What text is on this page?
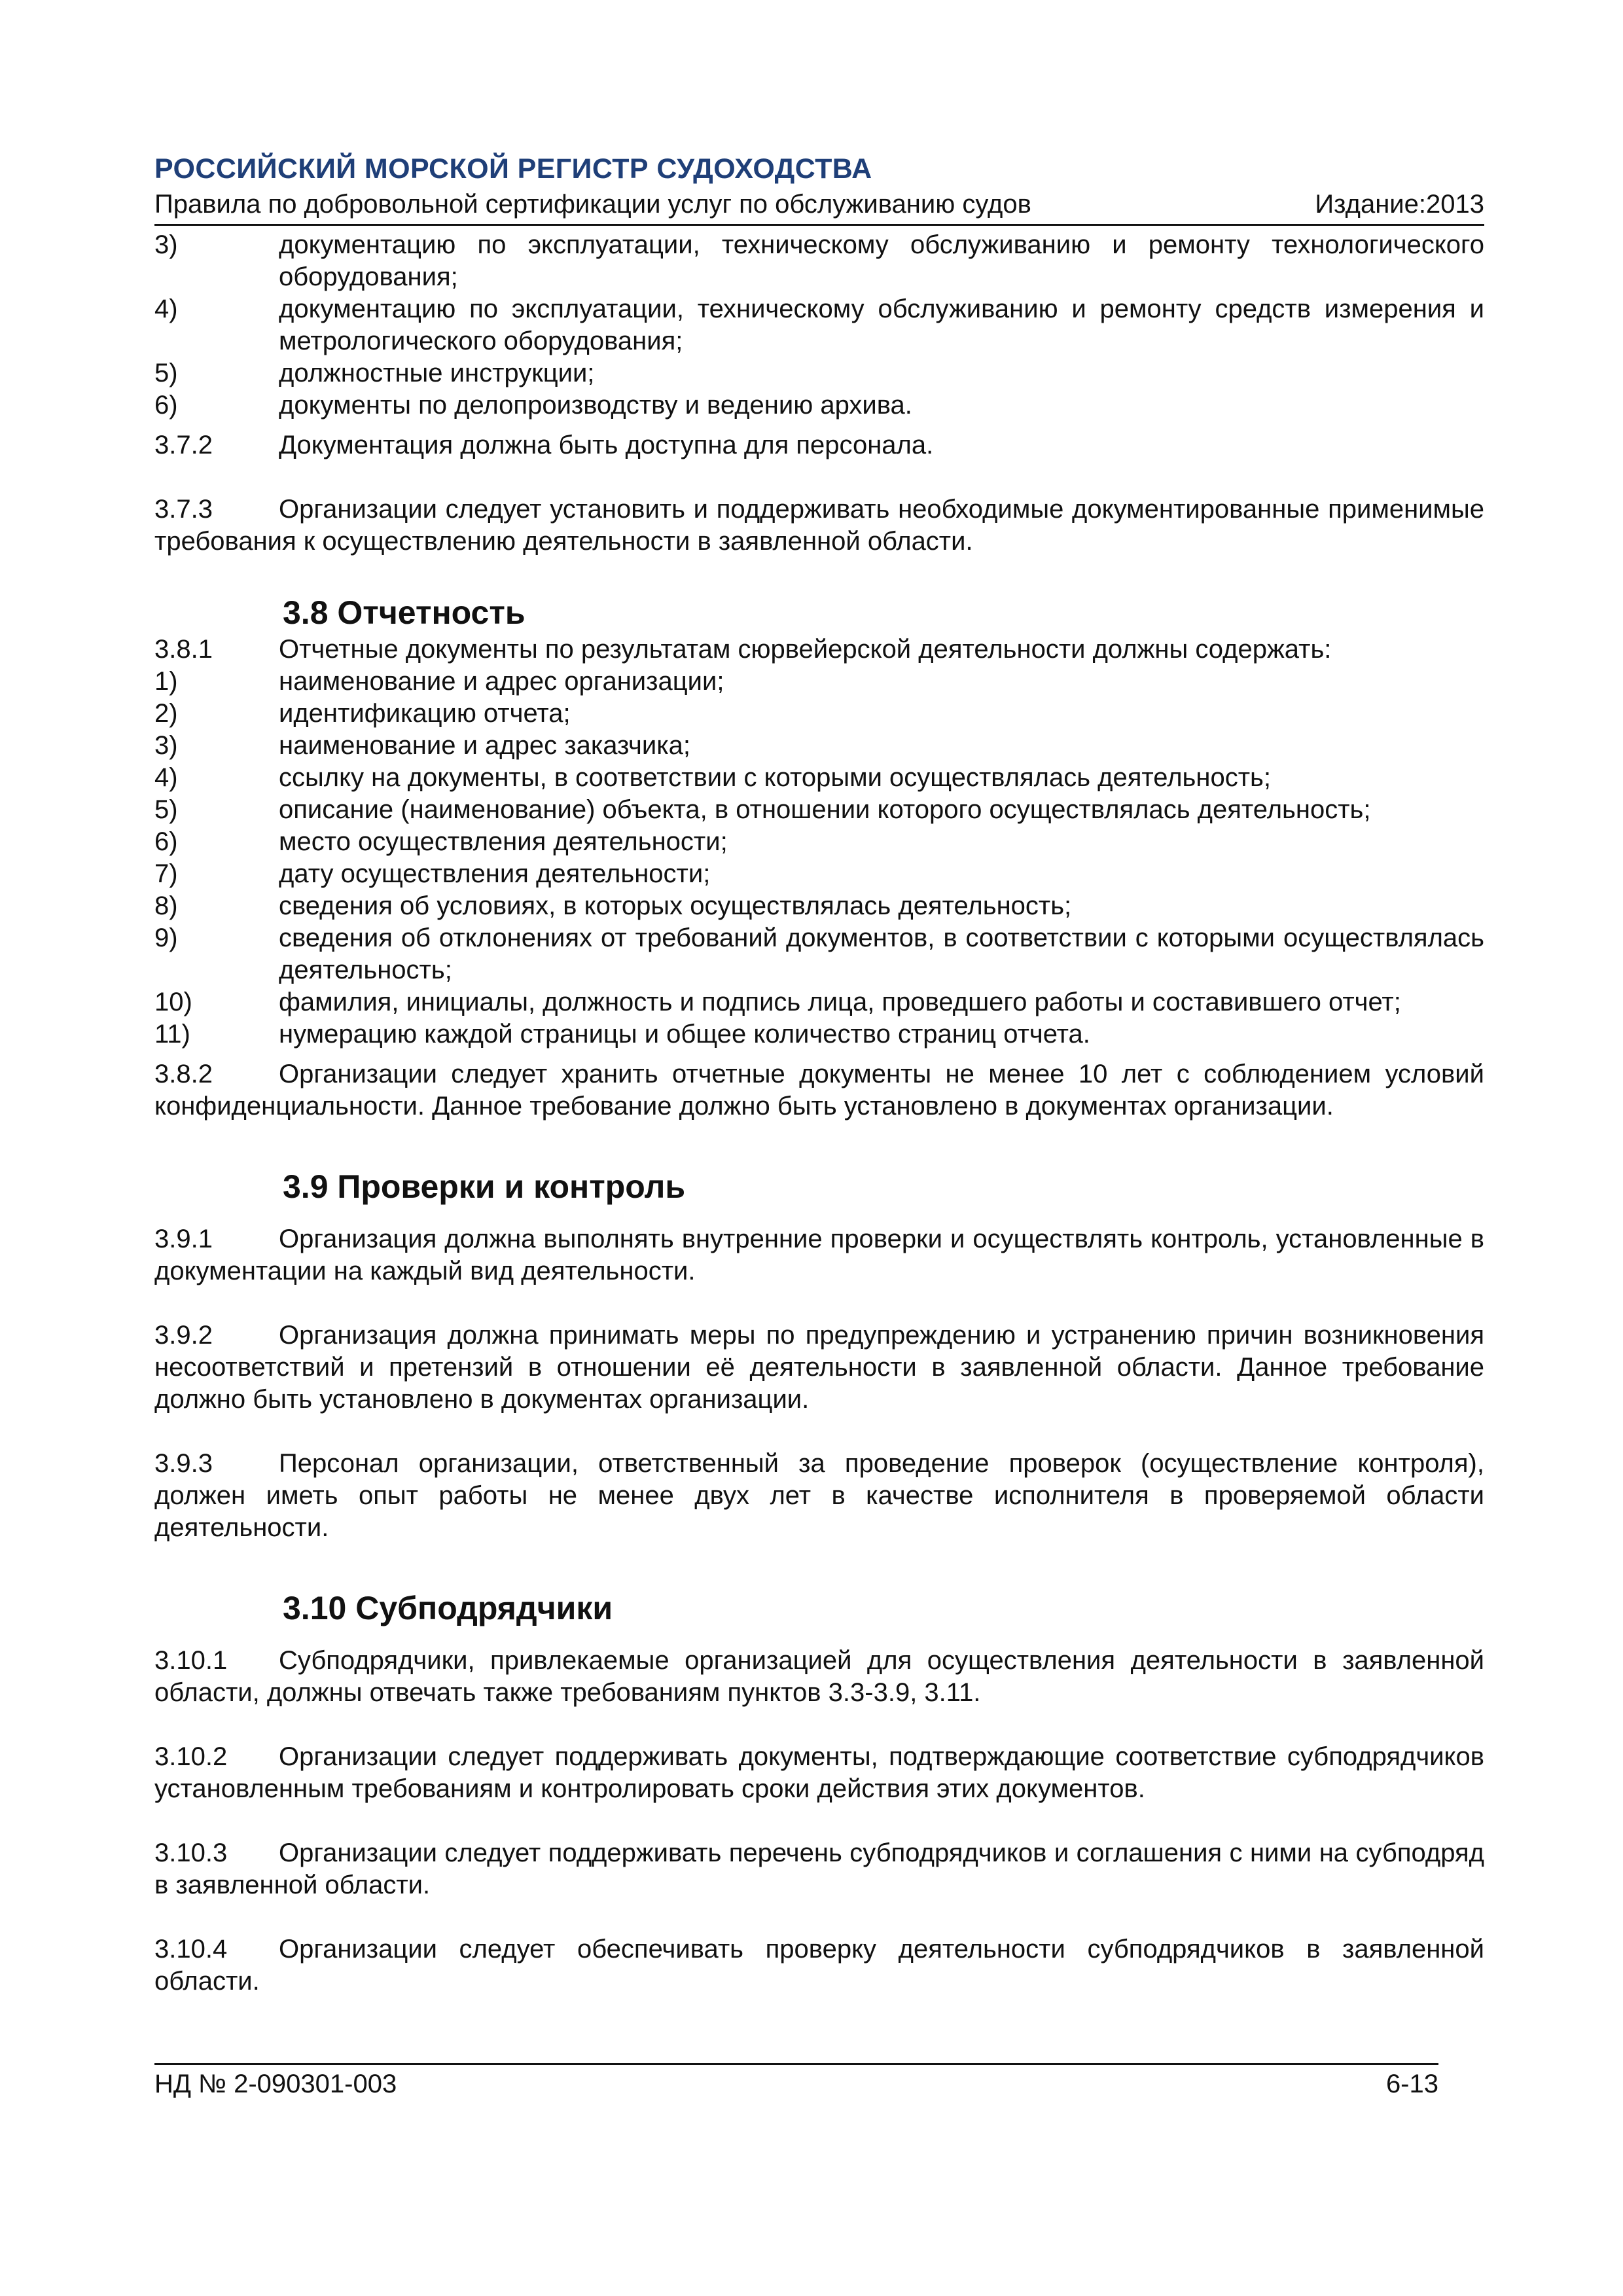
РОССИЙСКИЙ МОРСКОЙ РЕГИСТР СУДОХОДСТВА
Правила по добровольной сертификации услуг по обслуживанию судов	Издание:2013
3)	документацию по эксплуатации, техническому обслуживанию и ремонту технологического оборудования;
4)	документацию по эксплуатации, техническому обслуживанию и ремонту средств измерения и метрологического оборудования;
5)	должностные инструкции;
6)	документы по делопроизводству и ведению архива.
3.7.2	Документация должна быть доступна для персонала.
3.7.3	Организации следует установить и поддерживать необходимые документированные применимые требования к осуществлению деятельности в заявленной области.
3.8 Отчетность
3.8.1	Отчетные документы по результатам сюрвейерской деятельности должны содержать:
1)	наименование и адрес организации;
2)	идентификацию отчета;
3)	наименование и адрес заказчика;
4)	ссылку на документы, в соответствии с которыми осуществлялась деятельность;
5)	описание (наименование) объекта, в отношении которого осуществлялась деятельность;
6)	место осуществления деятельности;
7)	дату осуществления деятельности;
8)	сведения об условиях, в которых осуществлялась деятельность;
9)	сведения об отклонениях от требований документов, в соответствии с которыми осуществлялась деятельность;
10)	фамилия, инициалы, должность и подпись лица, проведшего работы и составившего отчет;
11)	нумерацию каждой страницы и общее количество страниц отчета.
3.8.2	Организации следует хранить отчетные документы не менее 10 лет с соблюдением условий конфиденциальности. Данное требование должно быть установлено в документах организации.
3.9 Проверки и контроль
3.9.1	Организация должна выполнять внутренние проверки и осуществлять контроль, установленные в документации на каждый вид деятельности.
3.9.2	Организация должна принимать меры по предупреждению и устранению причин возникновения несоответствий и претензий в отношении её деятельности в заявленной области. Данное требование должно быть установлено в документах организации.
3.9.3	Персонал организации, ответственный за проведение проверок (осуществление контроля), должен иметь опыт работы не менее двух лет в качестве исполнителя в проверяемой области деятельности.
3.10 Субподрядчики
3.10.1 Субподрядчики, привлекаемые организацией для осуществления деятельности в заявленной области, должны отвечать также требованиям пунктов 3.3-3.9, 3.11.
3.10.2 Организации следует поддерживать документы, подтверждающие соответствие субподрядчиков установленным требованиям и контролировать сроки действия этих документов.
3.10.3 Организации следует поддерживать перечень субподрядчиков и соглашения с ними на субподряд в заявленной области.
3.10.4 Организации следует обеспечивать проверку деятельности субподрядчиков в заявленной области.
НД № 2-090301-003	6-13
